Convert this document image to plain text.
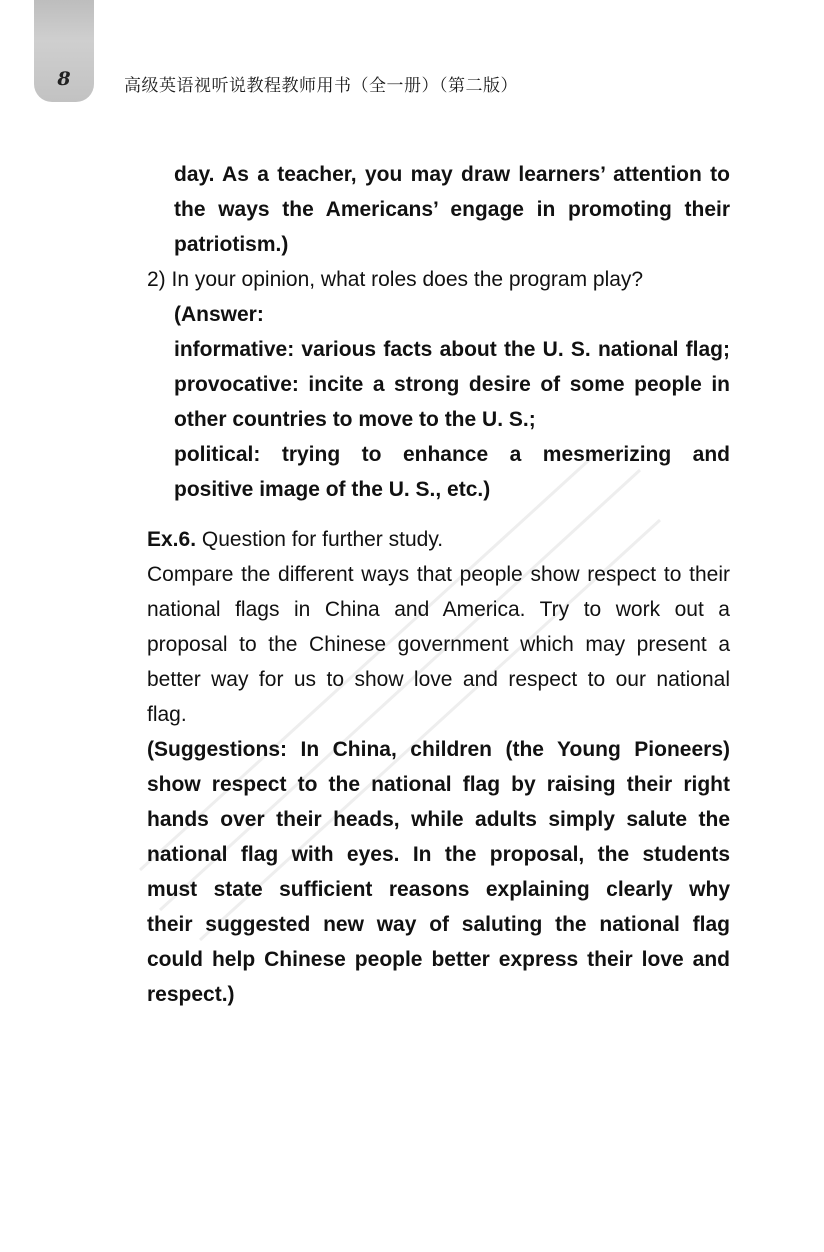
8	高级英语视听说教程教师用书（全一册）（第二版）
day. As a teacher, you may draw learners’ attention to
the ways the Americans’ engage in promoting their
patriotism.)
2) In your opinion, what roles does the program play?
(Answer:
informative: various facts about the U. S. national flag;
provocative: incite a strong desire of some people in
other countries to move to the U. S.;
political: trying to enhance a mesmerizing and
positive image of the U. S., etc.)
Ex.6. Question for further study.
Compare the different ways that people show respect to their
national flags in China and America. Try to work out a
proposal to the Chinese government which may present a
better way for us to show love and respect to our national
flag.
(Suggestions: In China, children (the Young Pioneers)
show respect to the national flag by raising their right
hands over their heads, while adults simply salute the
national flag with eyes. In the proposal, the students
must state sufficient reasons explaining clearly why
their suggested new way of saluting the national flag
could help Chinese people better express their love and
respect.)
